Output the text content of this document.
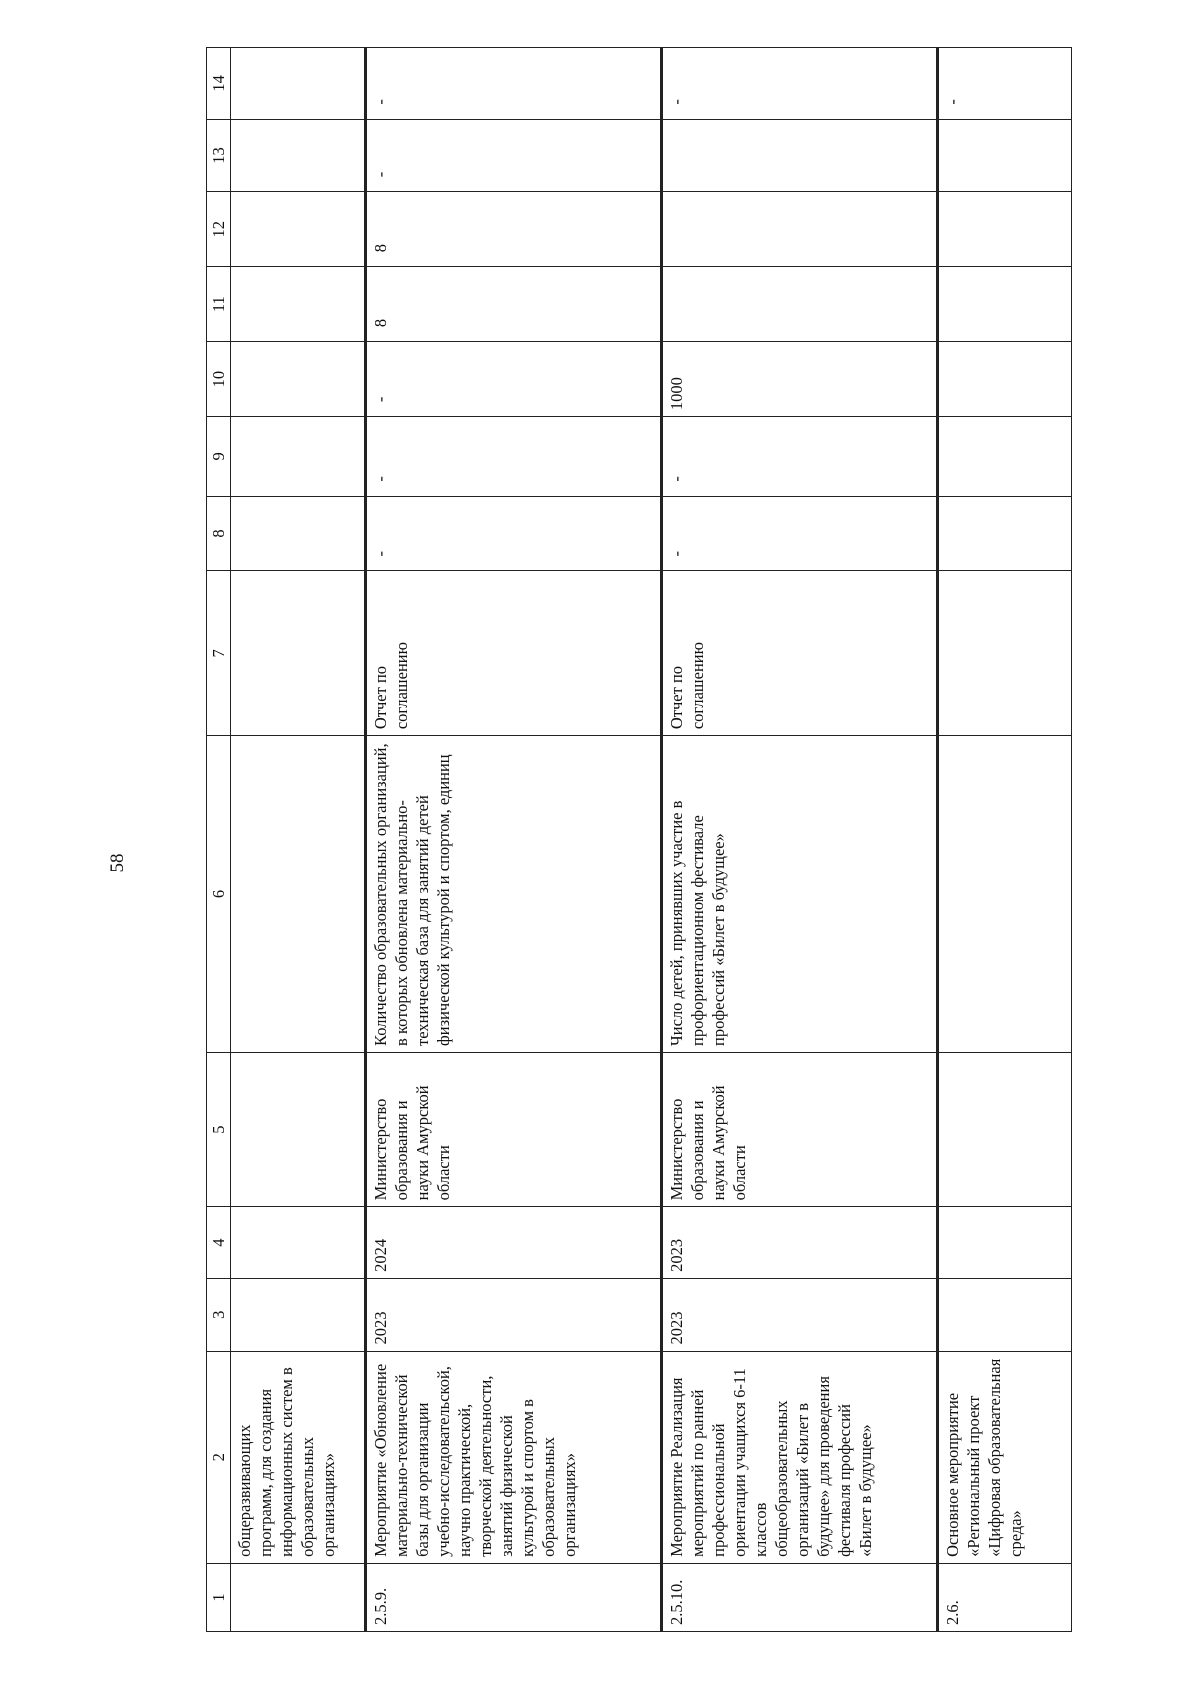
58
1	2	3	4	5	6	7	8	9	10	11	12	13	14
	общеразвивающих программ, для создания информационных систем в образовательных организациях»												
2.5.9.	Мероприятие «Обновление материально-технической базы для организации учебно-исследовательской, научно практической, творческой деятельности, занятий физической культурой и спортом в образовательных организациях»	2023	2024	Министерство образования и науки Амурской области	Количество образовательных организаций, в которых обновлена материально-техническая база для занятий детей физической культурой и спортом, единиц	Отчет по соглашению	-	-	-	8	8	-	-
2.5.10.	Мероприятие Реализация мероприятий по ранней профессиональной ориентации учащихся 6-11 классов общеобразовательных организаций «Билет в будущее» для проведения фестиваля профессий «Билет в будущее»	2023	2023	Министерство образования и науки Амурской области	Число детей, принявших участие в профориентационном фестивале профессий «Билет в будущее»	Отчет по соглашению	-	-	1000				-
2.6.	Основное мероприятие «Региональный проект «Цифровая образовательная среда»												-
